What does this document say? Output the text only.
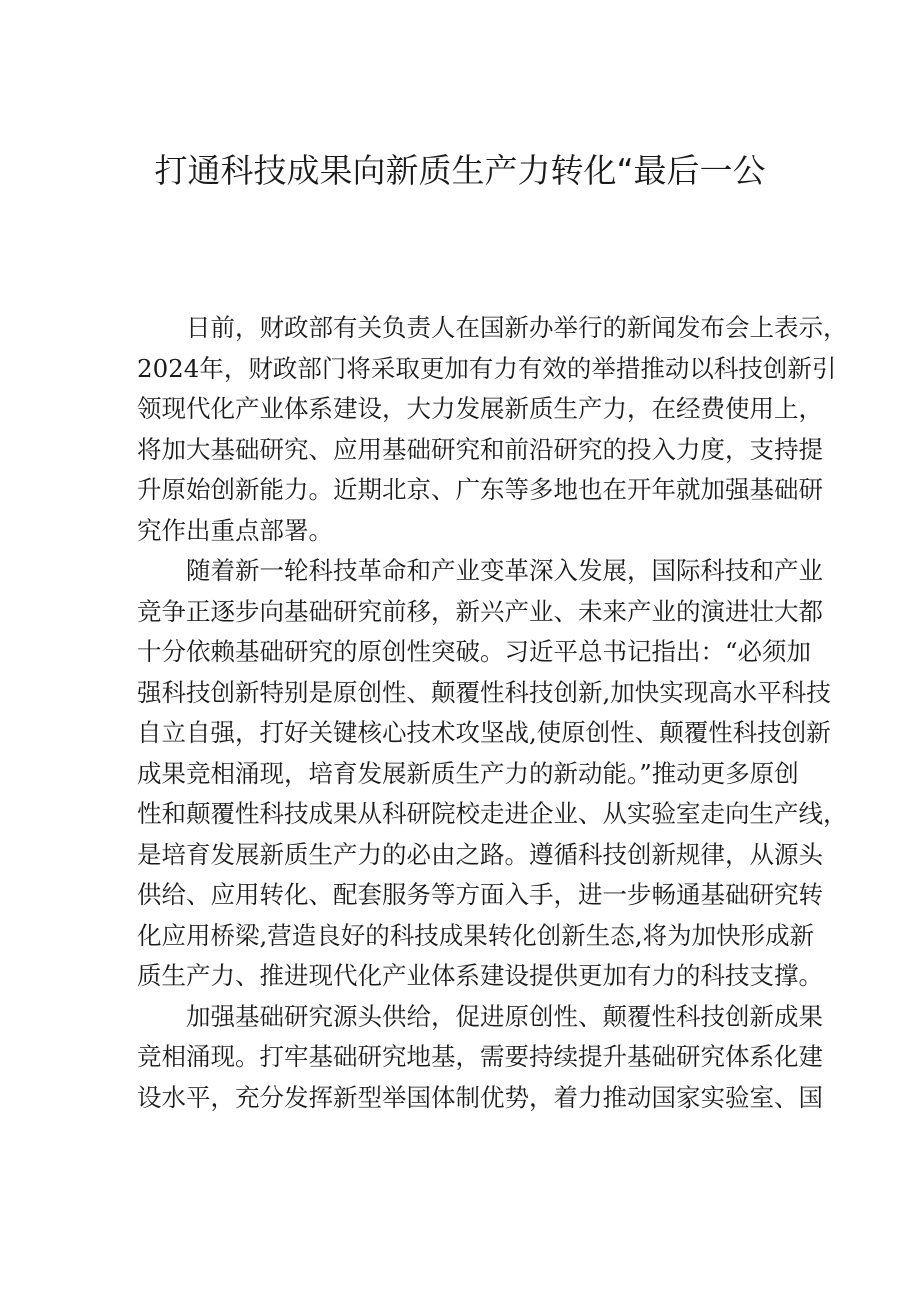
打通科技成果向新质生产力转化“最后一公
日前，财政部有关负责人在国新办举行的新闻发布会上表示，
2024年，财政部门将采取更加有力有效的举措推动以科技创新引
领现代化产业体系建设，大力发展新质生产力，在经费使用上，
将加大基础研究、应用基础研究和前沿研究的投入力度，支持提
升原始创新能力。近期北京、广东等多地也在开年就加强基础研
究作出重点部署。
随着新一轮科技革命和产业变革深入发展，国际科技和产业
竞争正逐步向基础研究前移，新兴产业、未来产业的演进壮大都
十分依赖基础研究的原创性突破。习近平总书记指出：“必须加
强科技创新特别是原创性、颠覆性科技创新,加快实现高水平科技
自立自强，打好关键核心技术攻坚战,使原创性、颠覆性科技创新
成果竞相涌现，培育发展新质生产力的新动能。”推动更多原创
性和颠覆性科技成果从科研院校走进企业、从实验室走向生产线，
是培育发展新质生产力的必由之路。遵循科技创新规律，从源头
供给、应用转化、配套服务等方面入手，进一步畅通基础研究转
化应用桥梁,营造良好的科技成果转化创新生态,将为加快形成新
质生产力、推进现代化产业体系建设提供更加有力的科技支撑。
加强基础研究源头供给，促进原创性、颠覆性科技创新成果
竞相涌现。打牢基础研究地基，需要持续提升基础研究体系化建
设水平，充分发挥新型举国体制优势，着力推动国家实验室、国
